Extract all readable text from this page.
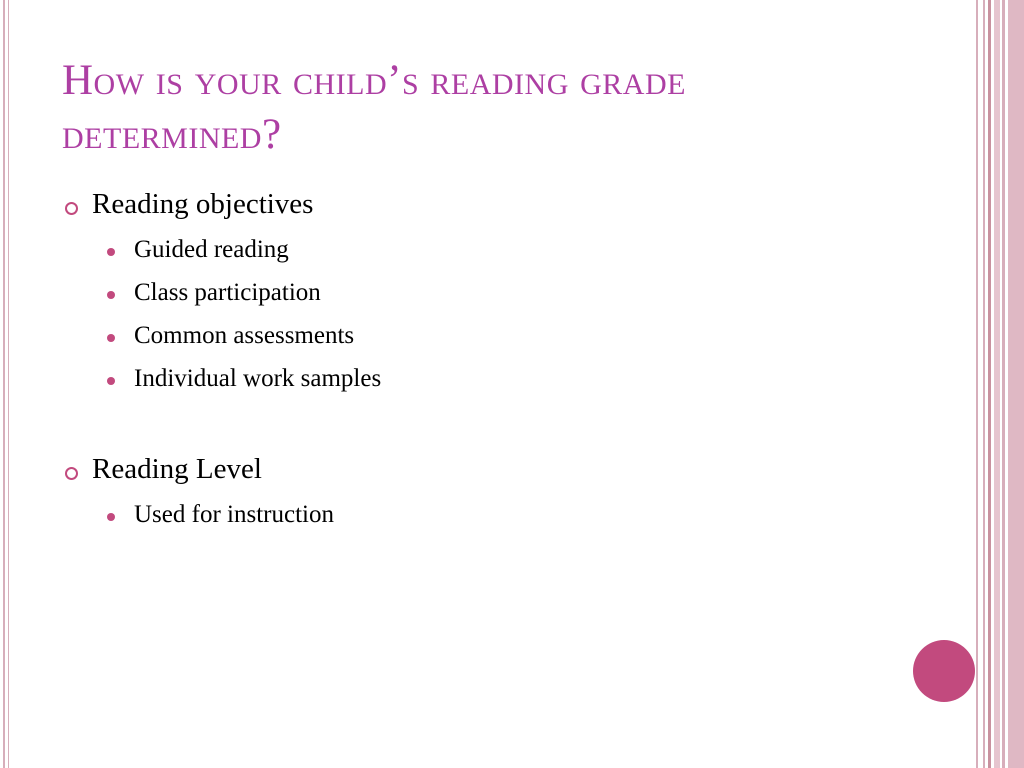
How is your child’s reading grade determined?
Reading objectives
Guided reading
Class participation
Common assessments
Individual work samples
Reading Level
Used for instruction
